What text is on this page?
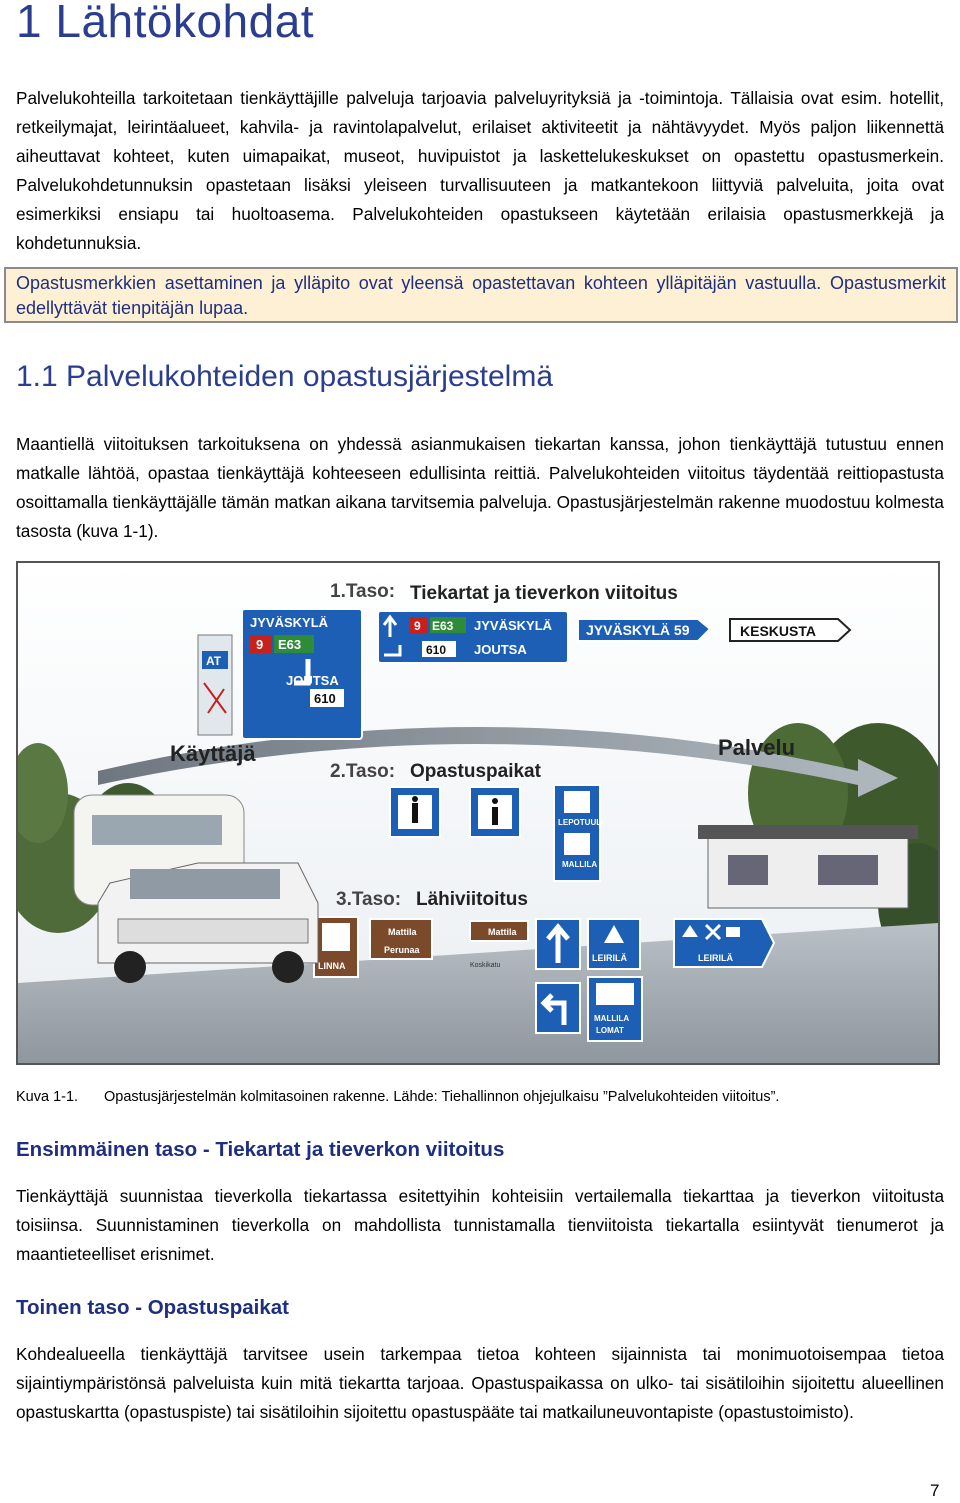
1 Lähtökohdat

Palvelukohteilla tarkoitetaan tienkäyttäjille palveluja tarjoavia palveluyrityksiä ja -toimintoja. Tällaisia ovat esim. hotellit, retkeilymajat, leirintäalueet, kahvila- ja ravintolapalvelut, erilaiset aktiviteetit ja nähtävyydet. Myös paljon liikennettä aiheuttavat kohteet, kuten uimapaikat, museot, huvipuistot ja laskettelukeskukset on opastettu opastusmerkein. Palvelukohdetunnuksin opastetaan lisäksi yleiseen turvallisuuteen ja matkantekoon liittyviä palveluita, joita ovat esimerkiksi ensiapu tai huoltoasema. Palvelukohteiden opastukseen käytetään erilaisia opastusmerkkejä ja kohdetunnuksia.

Opastusmerkkien asettaminen ja ylläpito ovat yleensä opastettavan kohteen ylläpitäjän vastuulla. Opastusmerkit edellyttävät tienpitäjän lupaa.
1.1 Palvelukohteiden opastusjärjestelmä

Maantiellä viitoituksen tarkoituksena on yhdessä asianmukaisen tiekartan kanssa, johon tienkäyttäjä tutustuu ennen matkalle lähtöä, opastaa tienkäyttäjä kohteeseen edullisinta reittiä. Palvelukohteiden viitoitus täydentää reittiopastusta osoittamalla tienkäyttäjälle tämän matkan aikana tarvitsemia palveluja. Opastusjärjestelmän rakenne muodostuu kolmesta tasosta (kuva 1-1).

Käyttäjä	Palvelu
1.Taso: Tiekartat ja tieverkon viitoitus
AT
JYVÄSKYLÄ
9 E63
JOUTSA
610
9 E63 JYVÄSKYLÄ
610 JOUTSA
JYVÄSKYLÄ 59	KESKUSTA
2.Taso: Opastuspaikat
LEPOTUULI
MALLILA
3.Taso: Lähiviitoitus
LINNA
Mattila
Perunaa
Mattila
Koskikatu
LEIRILÄ	LEIRILÄ
MALLILA
LOMAT
Kuva 1-1. Opastusjärjestelmän kolmitasoinen rakenne. Lähde: Tiehallinnon ohjejulkaisu ”Palvelukohteiden viitoitus”.
Ensimmäinen taso - Tiekartat ja tieverkon viitoitus

Tienkäyttäjä suunnistaa tieverkolla tiekartassa esitettyihin kohteisiin vertailemalla tiekarttaa ja tieverkon viitoitusta toisiinsa. Suunnistaminen tieverkolla on mahdollista tunnistamalla tienviitoista tiekartalla esiintyvät tienumerot ja maantieteelliset erisnimet.

Toinen taso - Opastuspaikat

Kohdealueella tienkäyttäjä tarvitsee usein tarkempaa tietoa kohteen sijainnista tai monimuotoisempaa tietoa sijaintiympäristönsä palveluista kuin mitä tiekartta tarjoaa. Opastuspaikassa on ulko- tai sisätiloihin sijoitettu alueellinen opastuskartta (opastuspiste) tai sisätiloihin sijoitettu opastuspääte tai matkailuneuvontapiste (opastustoimisto).

7
